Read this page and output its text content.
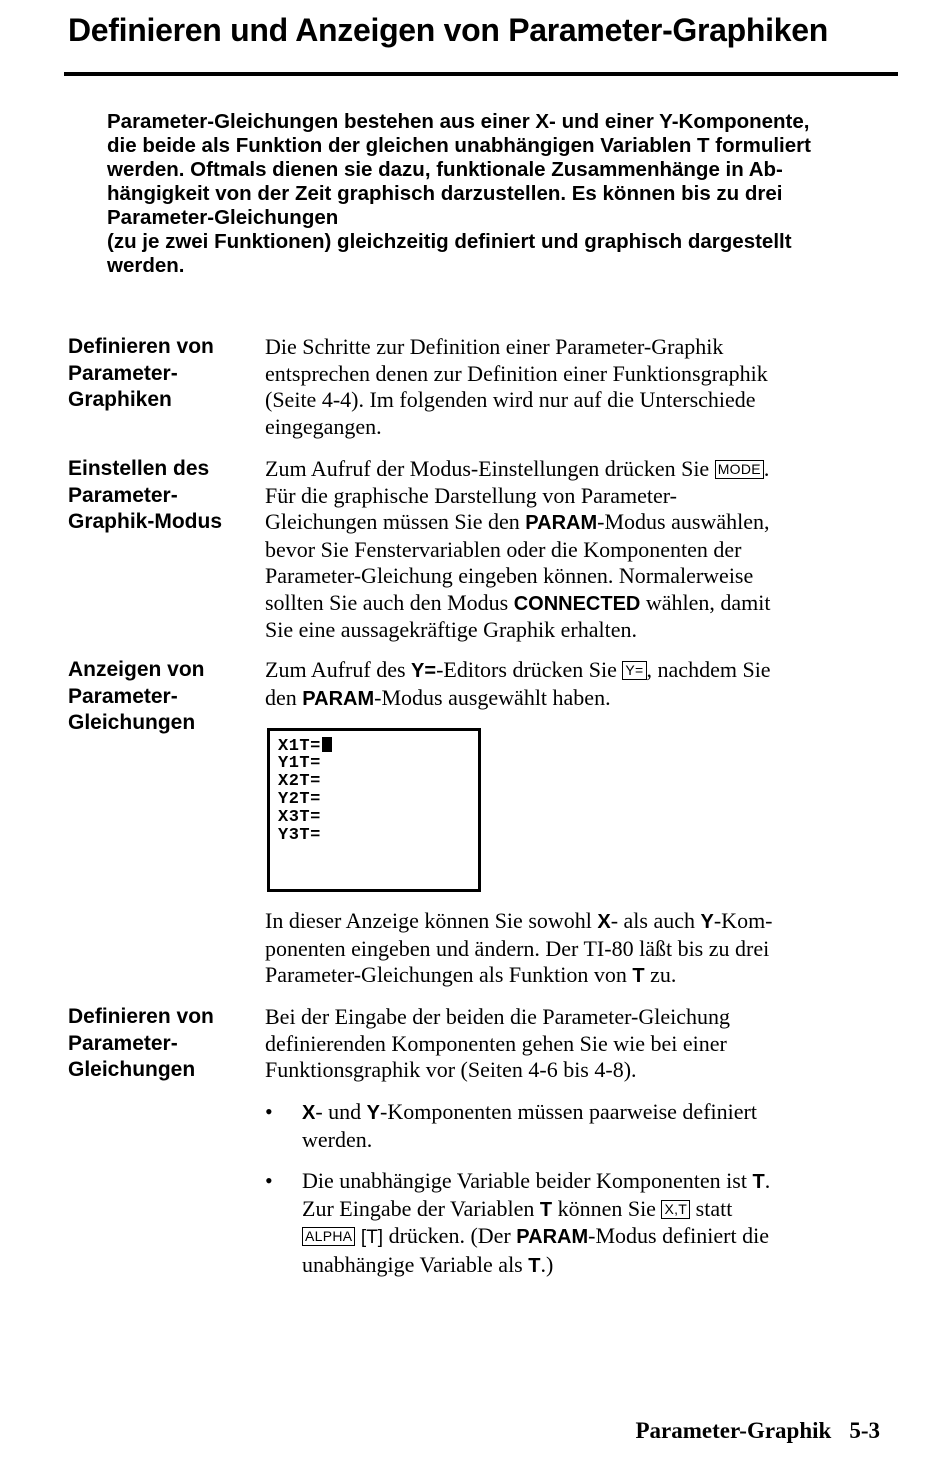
Definieren und Anzeigen von Parameter-Graphiken

Parameter-Gleichungen bestehen aus einer X- und einer Y-Komponente,
die beide als Funktion der gleichen unabhängigen Variablen T formuliert
werden. Oftmals dienen sie dazu, funktionale Zusammenhänge in Ab-
hängigkeit von der Zeit graphisch darzustellen. Es können bis zu drei
Parameter-Gleichungen
(zu je zwei Funktionen) gleichzeitig definiert und graphisch dargestellt
werden.

Definieren von
Parameter-
Graphiken
Die Schritte zur Definition einer Parameter-Graphik
entsprechen denen zur Definition einer Funktionsgraphik
(Seite 4-4). Im folgenden wird nur auf die Unterschiede
eingegangen.
Einstellen des
Parameter-
Graphik-Modus
Zum Aufruf der Modus-Einstellungen drücken Sie MODE .
Für die graphische Darstellung von Parameter-
Gleichungen müssen Sie den PARAM-Modus auswählen,
bevor Sie Fenstervariablen oder die Komponenten der
Parameter-Gleichung eingeben können. Normalerweise
sollten Sie auch den Modus CONNECTED wählen, damit
Sie eine aussagekräftige Graphik erhalten.
Anzeigen von
Parameter-
Gleichungen
Zum Aufruf des Y=-Editors drücken Sie Y= , nachdem Sie
den PARAM-Modus ausgewählt haben.
X1T=
Y1T=
X2T=
Y2T=
X3T=
Y3T=
In dieser Anzeige können Sie sowohl X- als auch Y-Kom-
ponenten eingeben und ändern. Der TI-80 läßt bis zu drei
Parameter-Gleichungen als Funktion von T zu.
Definieren von
Parameter-
Gleichungen
Bei der Eingabe der beiden die Parameter-Gleichung
definierenden Komponenten gehen Sie wie bei einer
Funktionsgraphik vor (Seiten 4-6 bis 4-8).
• X- und Y-Komponenten müssen paarweise definiert
werden.
• Die unabhängige Variable beider Komponenten ist T.
Zur Eingabe der Variablen T können Sie X,T statt
ALPHA [T] drücken. (Der PARAM-Modus definiert die
unabhängige Variable als T.)
Parameter-Graphik 5-3
